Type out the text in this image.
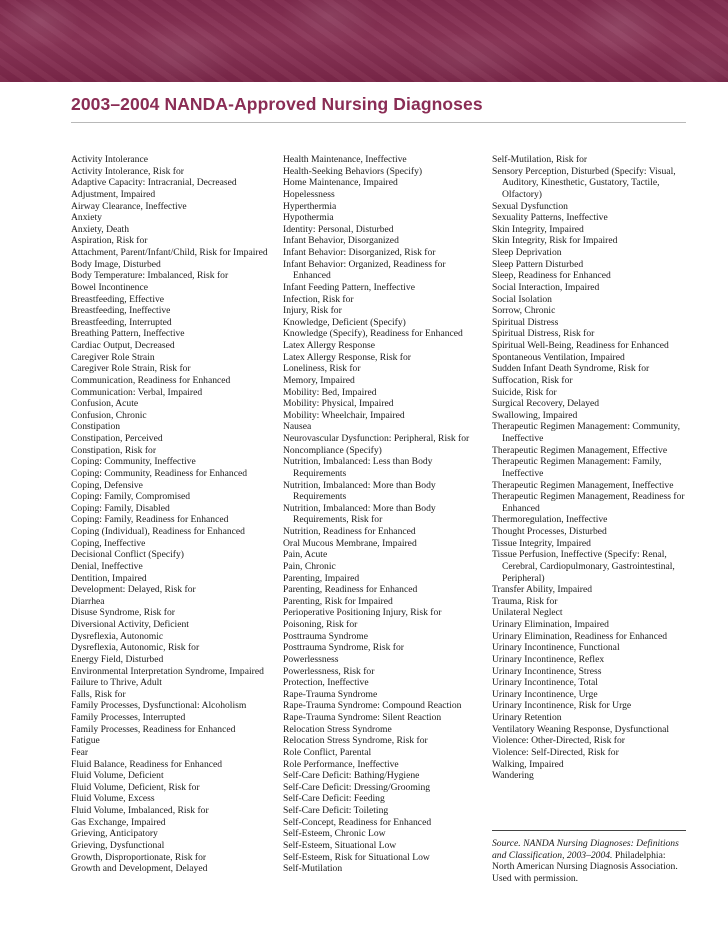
2003–2004 NANDA-Approved Nursing Diagnoses
Activity Intolerance
Activity Intolerance, Risk for
Adaptive Capacity: Intracranial, Decreased
Adjustment, Impaired
Airway Clearance, Ineffective
Anxiety
Anxiety, Death
Aspiration, Risk for
Attachment, Parent/Infant/Child, Risk for Impaired
Body Image, Disturbed
Body Temperature: Imbalanced, Risk for
Bowel Incontinence
Breastfeeding, Effective
Breastfeeding, Ineffective
Breastfeeding, Interrupted
Breathing Pattern, Ineffective
Cardiac Output, Decreased
Caregiver Role Strain
Caregiver Role Strain, Risk for
Communication, Readiness for Enhanced
Communication: Verbal, Impaired
Confusion, Acute
Confusion, Chronic
Constipation
Constipation, Perceived
Constipation, Risk for
Coping: Community, Ineffective
Coping: Community, Readiness for Enhanced
Coping, Defensive
Coping: Family, Compromised
Coping: Family, Disabled
Coping: Family, Readiness for Enhanced
Coping (Individual), Readiness for Enhanced
Coping, Ineffective
Decisional Conflict (Specify)
Denial, Ineffective
Dentition, Impaired
Development: Delayed, Risk for
Diarrhea
Disuse Syndrome, Risk for
Diversional Activity, Deficient
Dysreflexia, Autonomic
Dysreflexia, Autonomic, Risk for
Energy Field, Disturbed
Environmental Interpretation Syndrome, Impaired
Failure to Thrive, Adult
Falls, Risk for
Family Processes, Dysfunctional: Alcoholism
Family Processes, Interrupted
Family Processes, Readiness for Enhanced
Fatigue
Fear
Fluid Balance, Readiness for Enhanced
Fluid Volume, Deficient
Fluid Volume, Deficient, Risk for
Fluid Volume, Excess
Fluid Volume, Imbalanced, Risk for
Gas Exchange, Impaired
Grieving, Anticipatory
Grieving, Dysfunctional
Growth, Disproportionate, Risk for
Growth and Development, Delayed
Health Maintenance, Ineffective
Health-Seeking Behaviors (Specify)
Home Maintenance, Impaired
Hopelessness
Hyperthermia
Hypothermia
Identity: Personal, Disturbed
Infant Behavior, Disorganized
Infant Behavior: Disorganized, Risk for
Infant Behavior: Organized, Readiness for
Enhanced
Infant Feeding Pattern, Ineffective
Infection, Risk for
Injury, Risk for
Knowledge, Deficient (Specify)
Knowledge (Specify), Readiness for Enhanced
Latex Allergy Response
Latex Allergy Response, Risk for
Loneliness, Risk for
Memory, Impaired
Mobility: Bed, Impaired
Mobility: Physical, Impaired
Mobility: Wheelchair, Impaired
Nausea
Neurovascular Dysfunction: Peripheral, Risk for
Noncompliance (Specify)
Nutrition, Imbalanced: Less than Body
Requirements
Nutrition, Imbalanced: More than Body
Requirements
Nutrition, Imbalanced: More than Body
Requirements, Risk for
Nutrition, Readiness for Enhanced
Oral Mucous Membrane, Impaired
Pain, Acute
Pain, Chronic
Parenting, Impaired
Parenting, Readiness for Enhanced
Parenting, Risk for Impaired
Perioperative Positioning Injury, Risk for
Poisoning, Risk for
Posttrauma Syndrome
Posttrauma Syndrome, Risk for
Powerlessness
Powerlessness, Risk for
Protection, Ineffective
Rape-Trauma Syndrome
Rape-Trauma Syndrome: Compound Reaction
Rape-Trauma Syndrome: Silent Reaction
Relocation Stress Syndrome
Relocation Stress Syndrome, Risk for
Role Conflict, Parental
Role Performance, Ineffective
Self-Care Deficit: Bathing/Hygiene
Self-Care Deficit: Dressing/Grooming
Self-Care Deficit: Feeding
Self-Care Deficit: Toileting
Self-Concept, Readiness for Enhanced
Self-Esteem, Chronic Low
Self-Esteem, Situational Low
Self-Esteem, Risk for Situational Low
Self-Mutilation
Self-Mutilation, Risk for
Sensory Perception, Disturbed (Specify: Visual,
Auditory, Kinesthetic, Gustatory, Tactile,
Olfactory)
Sexual Dysfunction
Sexuality Patterns, Ineffective
Skin Integrity, Impaired
Skin Integrity, Risk for Impaired
Sleep Deprivation
Sleep Pattern Disturbed
Sleep, Readiness for Enhanced
Social Interaction, Impaired
Social Isolation
Sorrow, Chronic
Spiritual Distress
Spiritual Distress, Risk for
Spiritual Well-Being, Readiness for Enhanced
Spontaneous Ventilation, Impaired
Sudden Infant Death Syndrome, Risk for
Suffocation, Risk for
Suicide, Risk for
Surgical Recovery, Delayed
Swallowing, Impaired
Therapeutic Regimen Management: Community,
Ineffective
Therapeutic Regimen Management, Effective
Therapeutic Regimen Management: Family,
Ineffective
Therapeutic Regimen Management, Ineffective
Therapeutic Regimen Management, Readiness for
Enhanced
Thermoregulation, Ineffective
Thought Processes, Disturbed
Tissue Integrity, Impaired
Tissue Perfusion, Ineffective (Specify: Renal,
Cerebral, Cardiopulmonary, Gastrointestinal,
Peripheral)
Transfer Ability, Impaired
Trauma, Risk for
Unilateral Neglect
Urinary Elimination, Impaired
Urinary Elimination, Readiness for Enhanced
Urinary Incontinence, Functional
Urinary Incontinence, Reflex
Urinary Incontinence, Stress
Urinary Incontinence, Total
Urinary Incontinence, Urge
Urinary Incontinence, Risk for Urge
Urinary Retention
Ventilatory Weaning Response, Dysfunctional
Violence: Other-Directed, Risk for
Violence: Self-Directed, Risk for
Walking, Impaired
Wandering
Source. NANDA Nursing Diagnoses: Definitions
and Classification, 2003–2004. Philadelphia:
North American Nursing Diagnosis Association.
Used with permission.
